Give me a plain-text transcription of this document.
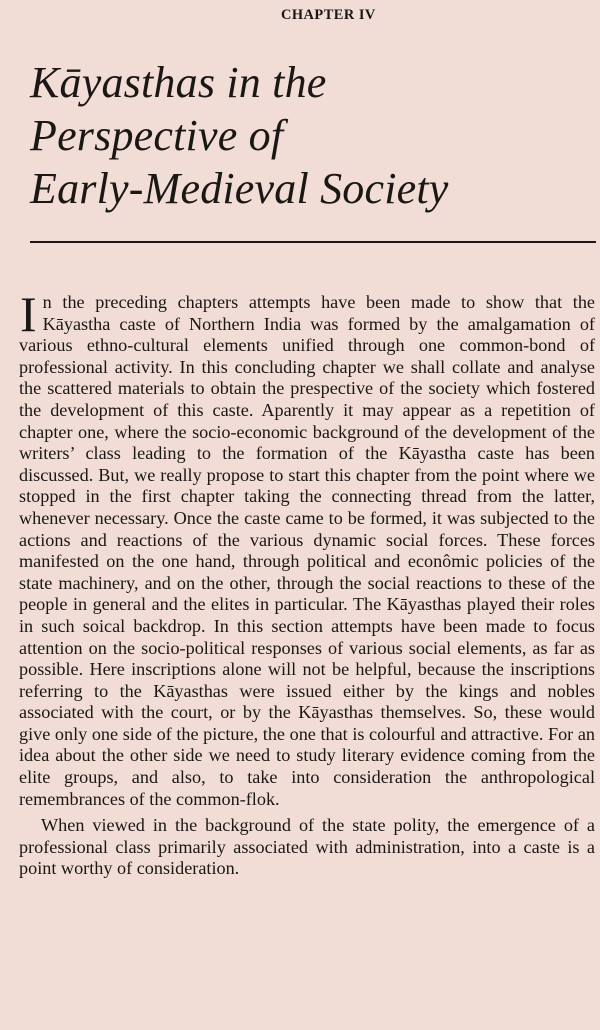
CHAPTER IV
Kāyasthas in the
Perspective of
Early-Medieval Society

In the preceding chapters attempts have been made to show that the Kāyastha caste of Northern India was formed by the amalgamation of various ethno-cultural elements unified through one common-bond of professional activity. In this concluding chapter we shall collate and analyse the scattered materials to obtain the prespective of the society which fostered the development of this caste. Aparently it may appear as a repetition of chapter one, where the socio-economic background of the development of the writers’ class leading to the formation of the Kāyastha caste has been discussed. But, we really propose to start this chapter from the point where we stopped in the first chapter taking the connecting thread from the latter, whenever necessary. Once the caste came to be formed, it was subjected to the actions and reactions of the various dynamic social forces. These forces manifested on the one hand, through political and econômic policies of the state machinery, and on the other, through the social reactions to these of the people in general and the elites in particular. The Kāyasthas played their roles in such soical backdrop. In this section attempts have been made to focus attention on the socio-political responses of various social elements, as far as possible. Here inscriptions alone will not be helpful, because the inscriptions referring to the Kāyasthas were issued either by the kings and nobles associated with the court, or by the Kāyasthas themselves. So, these would give only one side of the picture, the one that is colourful and attractive. For an idea about the other side we need to study literary evidence coming from the elite groups, and also, to take into consideration the anthropological remembrances of the common-flok.

When viewed in the background of the state polity, the emergence of a professional class primarily associated with administration, into a caste is a point worthy of consideration.
